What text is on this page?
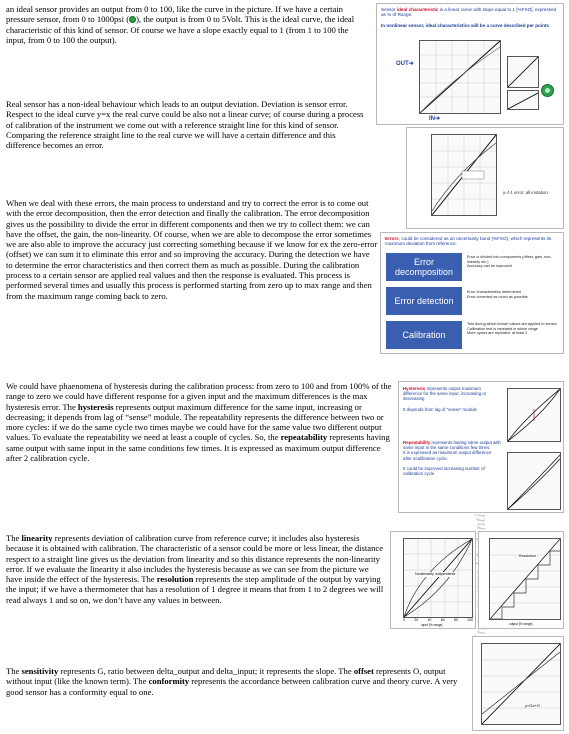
an ideal sensor provides an output from 0 to 100, like the curve in the picture. If we have a certain pressure sensor, from 0 to 1000psi ( ), the output is from 0 to 5Volt. This is the ideal curve, the ideal characteristic of this kind of sensor. Of course we have a slope exactly equal to 1 (from 1 to 100 the input, from 0 to 100 the output).

Sensor ideal characteristic is a linear curve with slope equal to 1 [%FSO], expressed as % of Range.

In nonlinear sensor, ideal characteristics will be a curve described per points

OUT➔
IN➔

Real sensor has a non-ideal behaviour which leads to an output deviation. Deviation is sensor error. Respect to the ideal curve y=x the real curve could be also not a linear curve; of course during a process of calibration of the instrument we come out with a reference straight line for this kind of sensor. Comparing the reference straight line to the real curve we will have a certain difference and this difference becomes an error.

y=f-1 error: all instation

When we deal with these errors, the main process to understand and try to correct the error is to come out with the error decomposition, then the error detection and finally the calibration. The error decomposition gives us the possibility to divide the error in different components and then we try to collect them: we can have the offset, the gain, the non-linearity. Of course, when we are able to decompose the error sometimes we are also able to improve the accuracy just correcting something because if we know for ex the zero-error (offset) we can sum it to eliminate this error and so improving the accuracy. During the detection we have to determine the error characteristics and then correct them as much as possible. During the calibration process to a certain sensor are applied real values and then the response is evaluated. This process is performed several times and usually this process is performed starting from zero up to max range and then from the maximum range coming back to zero.

Errors, could be considered as an uncertainty band (%FSO), which represents its maximum deviation from reference.

Error decomposition
Error is divided into components (offset, gain, non-linearity etc.)
Accuracy can be improved
Error detection
Error characteristics determined
Error corrected as much as possible
Calibration
Test during which known values are applied to sensor
Calibration test is repeated in whole range
More cycles are repeated, at least 2

We could have phaenomena of hysteresis during the calibration process: from zero to 100 and from 100% of the range to zero we could have different response for a given input and the maximum differences is the max hysteresis error. The hysteresis represents output maximum difference for the same input, increasing or decreasing; it depends from lag of “sense” module. The repeatability represents the difference between two or more cycles: if we do the same cycle two times maybe we could have for the same value two different output values. To evaluate the repeatability we need at least a couple of cycles. So, the repeatability represents having same output with same input in the same conditions few times. It is expressed as maximum output difference after 2 calibration cycle.

Hysteresis represents output maximum difference for the same input, increasing or decreasing

It depends from lag of “sense” module
Repeatability represents having same output with same input in the same conditions few times.
It is expressed as maximum output difference after 2calibration cycle.

It could be improved increasing number of calibration cycle

The linearity represents deviation of calibration curve from reference curve; it includes also hysteresis because it is obtained with calibration. The characteristic of a sensor could be more or less linear, the distance respect to a straight line gives us the deviation from linearity and so this distance represents the non-linearity error. If we evaluate the linearity it also includes the hysteresis because as we can see from the picture we have inside the effect of the hysteresis. The resolution represents the step amplitude of the output by varying the input; if we have a thermometer that has a resolution of 1 degree it means that from 1 to 2 degrees we will read always 1 and so on, we don’t have any values in between.

Nonlinearity indipendente
0	20	40	60	80	100
input [% range]
Resolution
output [% range]

The sensitivity represents G, ratio between delta_output and delta_input; it represents the slope. The offset represents O, output without input (like the known term). The conformity represents the accordance between calibration curve and theory curve. A very good sensor has a conformity equal to one.

y=Gx+O
